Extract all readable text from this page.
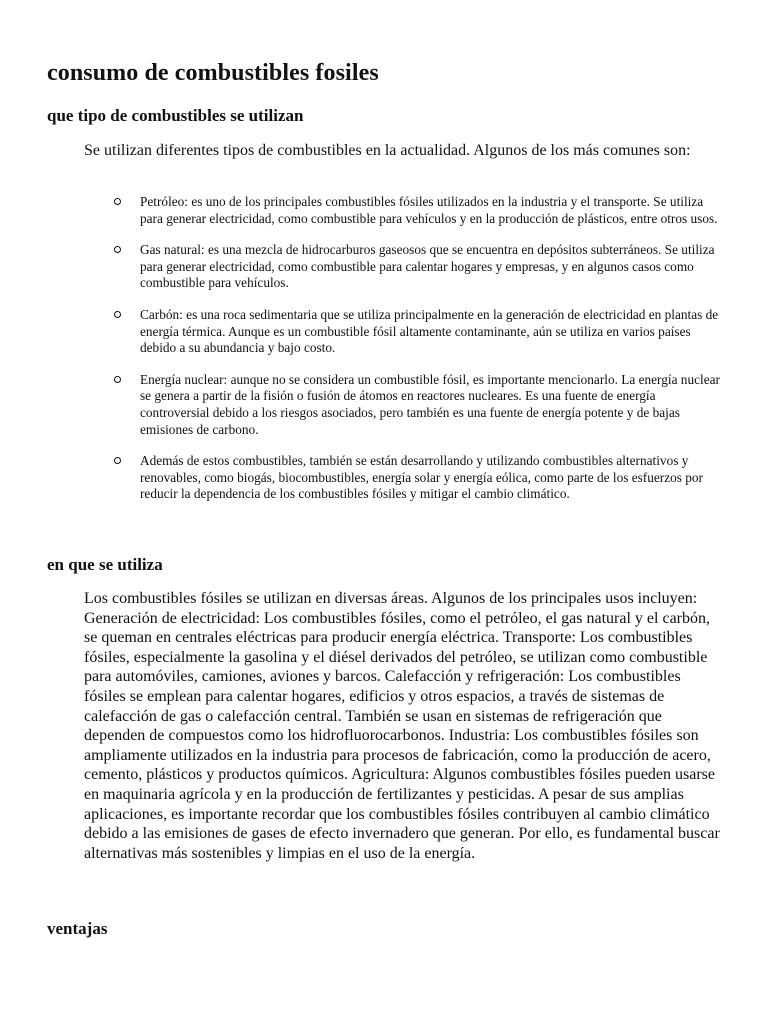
consumo de combustibles fosiles
que tipo de combustibles se utilizan

Se utilizan diferentes tipos de combustibles en la actualidad. Algunos de los más comunes son:

Petróleo: es uno de los principales combustibles fósiles utilizados en la industria y el transporte. Se utiliza para generar electricidad, como combustible para vehículos y en la producción de plásticos, entre otros usos.
Gas natural: es una mezcla de hidrocarburos gaseosos que se encuentra en depósitos subterráneos. Se utiliza para generar electricidad, como combustible para calentar hogares y empresas, y en algunos casos como combustible para vehículos.
Carbón: es una roca sedimentaria que se utiliza principalmente en la generación de electricidad en plantas de energía térmica. Aunque es un combustible fósil altamente contaminante, aún se utiliza en varios países debido a su abundancia y bajo costo.
Energía nuclear: aunque no se considera un combustible fósil, es importante mencionarlo. La energía nuclear se genera a partir de la fisión o fusión de átomos en reactores nucleares. Es una fuente de energía controversial debido a los riesgos asociados, pero también es una fuente de energía potente y de bajas emisiones de carbono.
Además de estos combustibles, también se están desarrollando y utilizando combustibles alternativos y renovables, como biogás, biocombustibles, energía solar y energía eólica, como parte de los esfuerzos por reducir la dependencia de los combustibles fósiles y mitigar el cambio climático.
en que se utiliza

Los combustibles fósiles se utilizan en diversas áreas. Algunos de los principales usos incluyen: Generación de electricidad: Los combustibles fósiles, como el petróleo, el gas natural y el carbón, se queman en centrales eléctricas para producir energía eléctrica. Transporte: Los combustibles fósiles, especialmente la gasolina y el diésel derivados del petróleo, se utilizan como combustible para automóviles, camiones, aviones y barcos. Calefacción y refrigeración: Los combustibles fósiles se emplean para calentar hogares, edificios y otros espacios, a través de sistemas de calefacción de gas o calefacción central. También se usan en sistemas de refrigeración que dependen de compuestos como los hidrofluorocarbonos. Industria: Los combustibles fósiles son ampliamente utilizados en la industria para procesos de fabricación, como la producción de acero, cemento, plásticos y productos químicos. Agricultura: Algunos combustibles fósiles pueden usarse en maquinaria agrícola y en la producción de fertilizantes y pesticidas. A pesar de sus amplias aplicaciones, es importante recordar que los combustibles fósiles contribuyen al cambio climático debido a las emisiones de gases de efecto invernadero que generan. Por ello, es fundamental buscar alternativas más sostenibles y limpias en el uso de la energía.

ventajas
